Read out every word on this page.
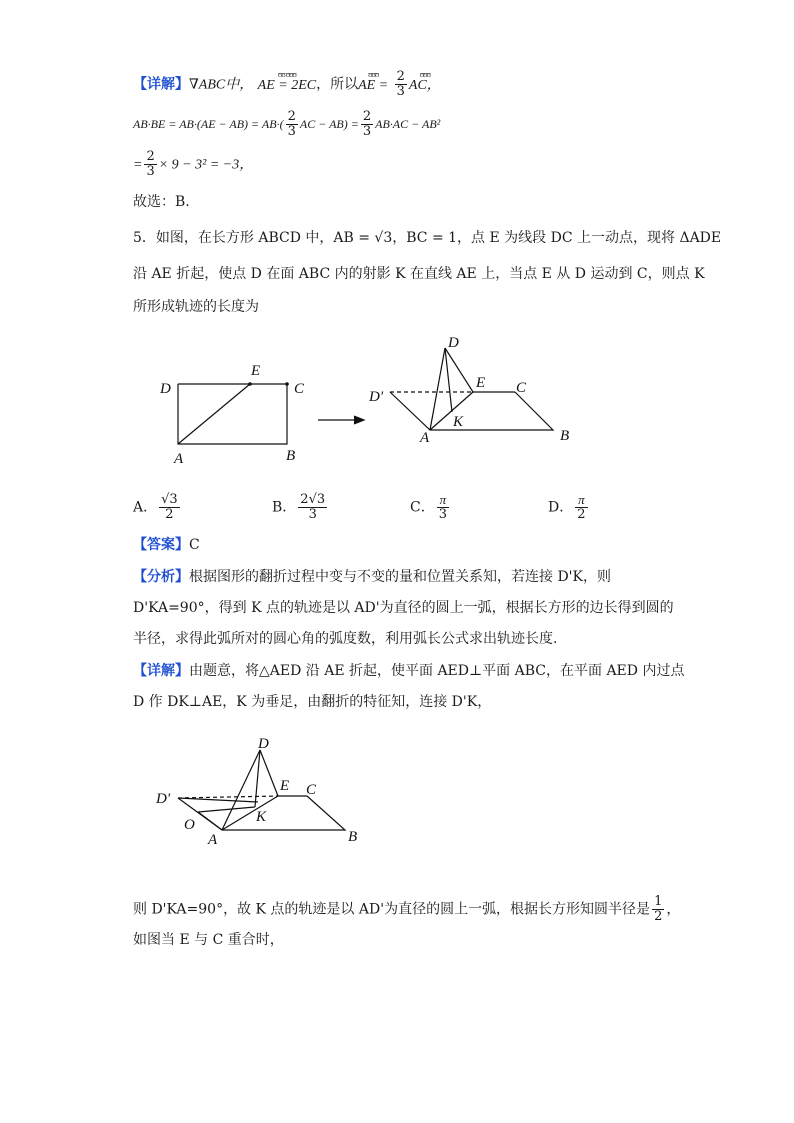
【详解】∇ABC中，
ʊʊ ʊʊʊ
AE = 2EC，所以
ʊʊʊ
AE = $\frac{2}{3}$	ʊʊʊ
AC，
$AB\cdot BE = AB\cdot(AE - AB) = AB\cdot( \frac{2}{3}$ AC − $AB) = \frac{2}{3} AB\cdot AC - AB^2$
= $\frac{2}{3} \times 9 - 3^2 = -3$，
故选：B.
5．如图，在长方形 ABCD 中，AB = √3，BC = 1，点 E 为线段 DC 上一动点，现将 ΔADE
沿 AE 折起，使点 D 在面 ABC 内的射影 K 在直线 AE 上，当点 E 从 D 运动到 C，则点 K
所形成轨迹的长度为
D
E
C
A	B
D
D'
E C
K
A	B
A． $\frac{√3}{2}$	B． $\frac{2√3}{3}$	C． $\frac{\pi}{3}$	D． $\frac{\pi}{2}$
【答案】C
【分析】根据图形的翻折过程中变与不变的量和位置关系知，若连接 D'K，则
D'KA=90°，得到 K 点的轨迹是以 AD'为直径的圆上一弧，根据长方形的边长得到圆的
半径，求得此弧所对的圆心角的弧度数，利用弧长公式求出轨迹长度．
【详解】由题意，将△AED 沿 AE 折起，使平面 AED⊥平面 ABC，在平面 AED 内过点
D 作 DK⊥AE，K 为垂足，由翻折的特征知，连接 D'K，
D
D'
E C
O	K
A	B
则 D'KA=90°，故 K 点的轨迹是以 AD'为直径的圆上一弧，根据长方形知圆半径是 $\frac{1}{2}$ ，
如图当 E 与 C 重合时，
